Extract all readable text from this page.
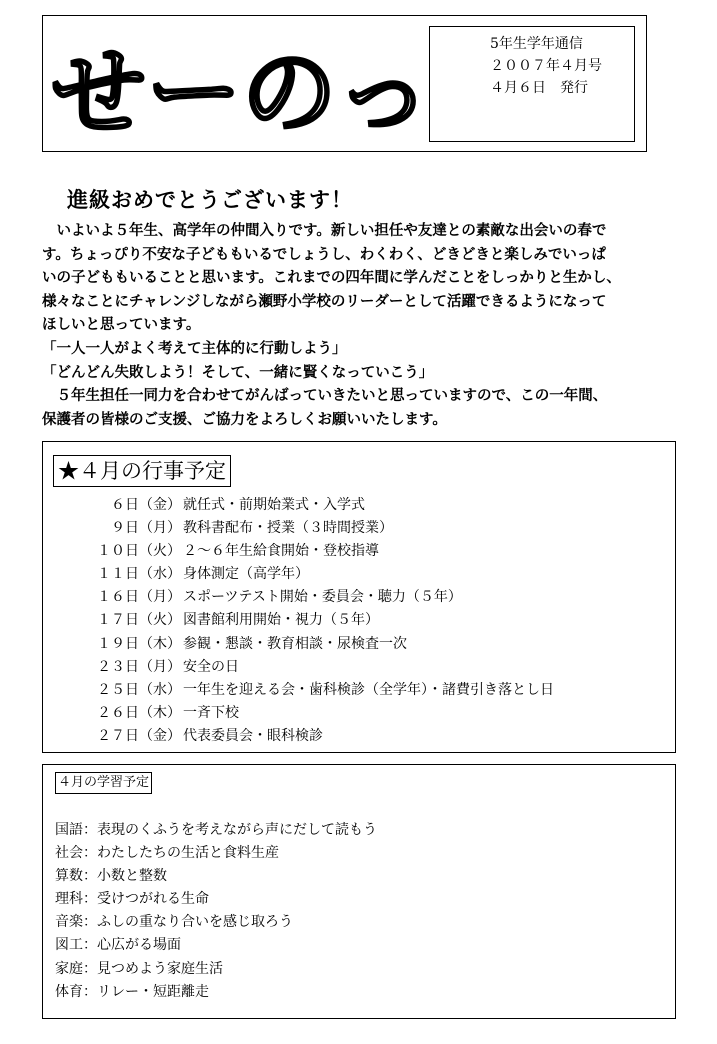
せーのっ	5年生学年通信
２００７年４月号
４月６日　発行
進級おめでとうございます！
　いよいよ５年生、高学年の仲間入りです。新しい担任や友達との素敵な出会いの春で
す。ちょっぴり不安な子どももいるでしょうし、わくわく、どきどきと楽しみでいっぱ
いの子どももいることと思います。これまでの四年間に学んだことをしっかりと生かし、
様々なことにチャレンジしながら瀬野小学校のリーダーとして活躍できるようになって
ほしいと思っています。
「一人一人がよく考えて主体的に行動しよう」
「どんどん失敗しよう！そして、一緒に賢くなっていこう」
　５年生担任一同力を合わせてがんばっていきたいと思っていますので、この一年間、
保護者の皆様のご支援、ご協力をよろしくお願いいたします。
★４月の行事予定
６日（金） 就任式・前期始業式・入学式
９日（月） 教科書配布・授業（３時間授業）
１０日（火） ２～６年生給食開始・登校指導
１１日（水） 身体測定（高学年）
１６日（月） スポーツテスト開始・委員会・聴力（５年）
１７日（火） 図書館利用開始・視力（５年）
１９日（木） 参観・懇談・教育相談・尿検査一次
２３日（月） 安全の日
２５日（水） 一年生を迎える会・歯科検診（全学年）・諸費引き落とし日
２６日（木） 一斉下校
２７日（金） 代表委員会・眼科検診
４月の学習予定
国語：表現のくふうを考えながら声にだして読もう
社会：わたしたちの生活と食料生産
算数：小数と整数
理科：受けつがれる生命
音楽：ふしの重なり合いを感じ取ろう
図工：心広がる場面
家庭：見つめよう家庭生活
体育：リレー・短距離走
